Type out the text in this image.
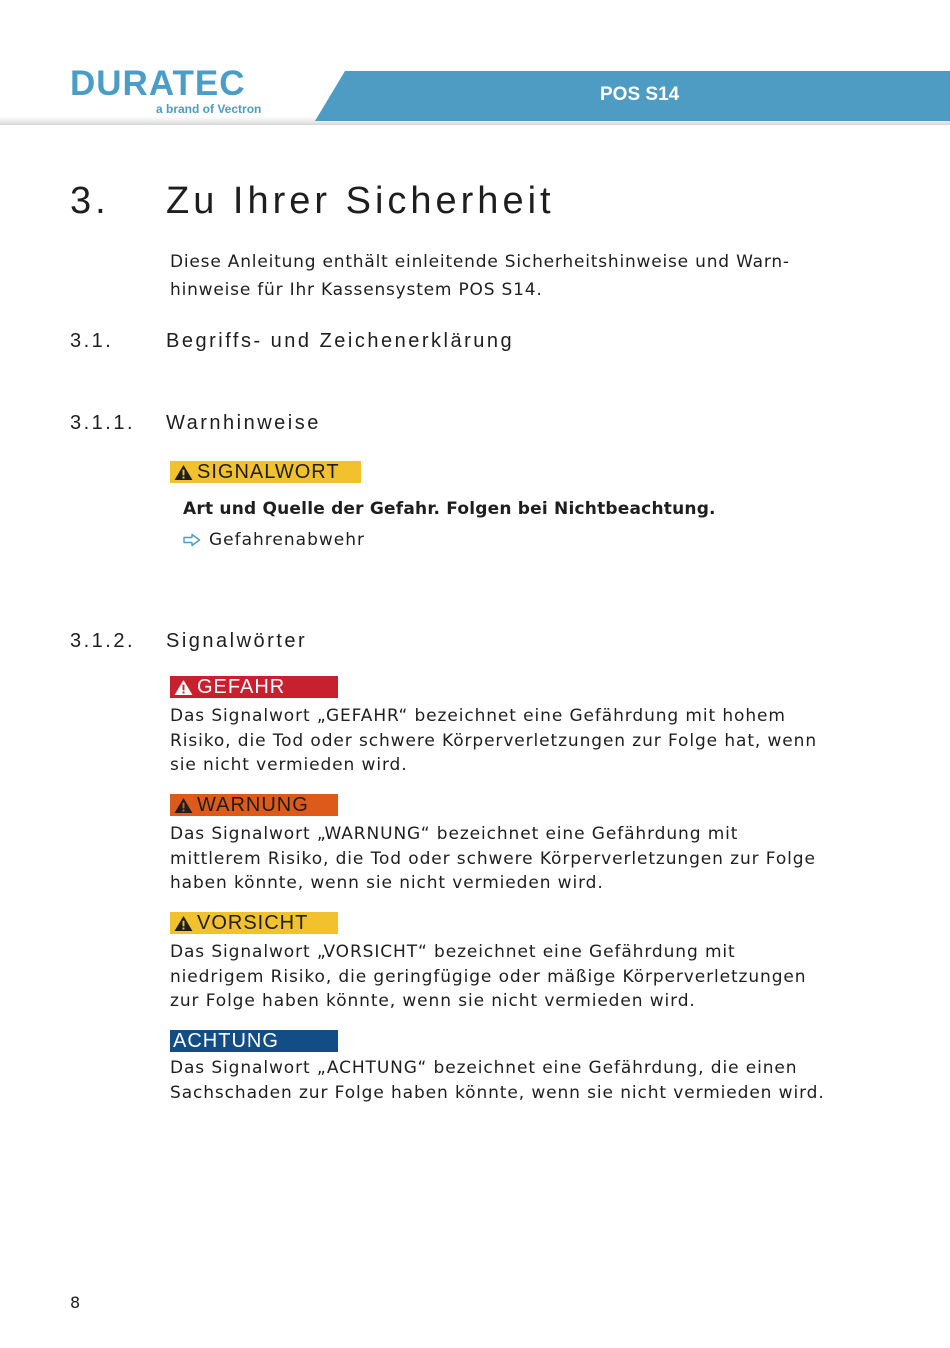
DURATEC
a brand of Vectron
POS S14
3. Zu Ihrer Sicherheit
Diese Anleitung enthält einleitende Sicherheitshinweise und Warn-
hinweise für Ihr Kassensystem POS S14.
3.1.	Begriffs- und Zeichenerklärung
3.1.1. Warnhinweise
SIGNALWORT
Art und Quelle der Gefahr. Folgen bei Nichtbeachtung.
Gefahrenabwehr
3.1.2. Signalwörter
GEFAHR
Das Signalwort „GEFAHR“ bezeichnet eine Gefährdung mit hohem
Risiko, die Tod oder schwere Körperverletzungen zur Folge hat, wenn
sie nicht vermieden wird.
WARNUNG
Das Signalwort „WARNUNG“ bezeichnet eine Gefährdung mit
mittlerem Risiko, die Tod oder schwere Körperverletzungen zur Folge
haben könnte, wenn sie nicht vermieden wird.
VORSICHT
Das Signalwort „VORSICHT“ bezeichnet eine Gefährdung mit
niedrigem Risiko, die geringfügige oder mäßige Körperverletzungen
zur Folge haben könnte, wenn sie nicht vermieden wird.
ACHTUNG
Das Signalwort „ACHTUNG“ bezeichnet eine Gefährdung, die einen
Sachschaden zur Folge haben könnte, wenn sie nicht vermieden wird.
8
